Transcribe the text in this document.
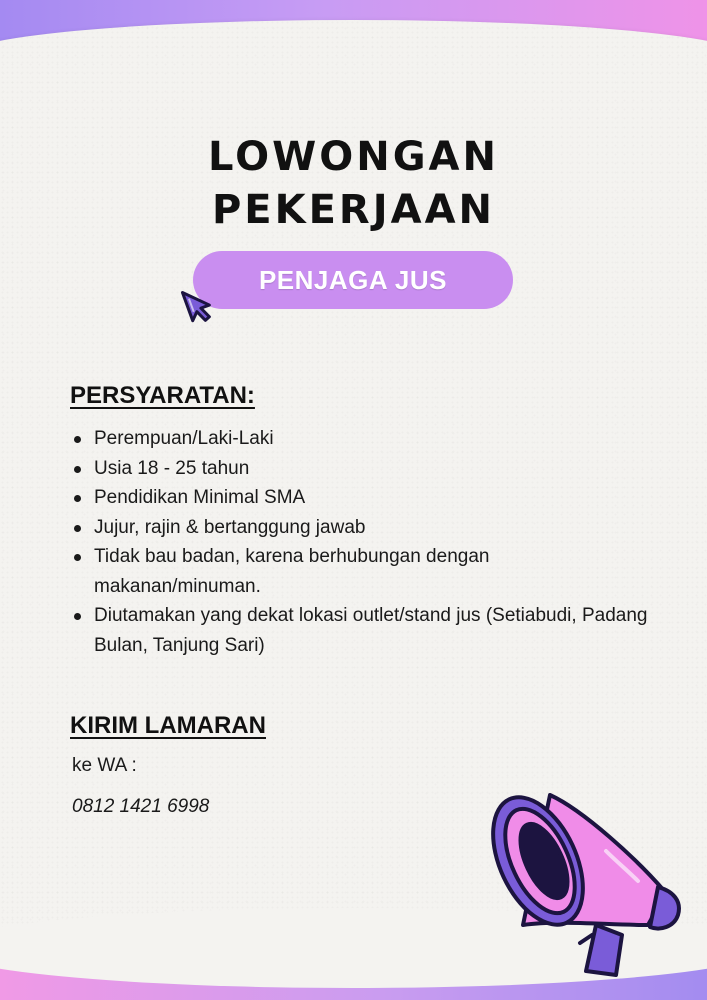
LOWONGAN
PEKERJAAN
PENJAGA JUS
PERSYARATAN:
Perempuan/Laki-Laki
Usia 18 - 25 tahun
Pendidikan Minimal SMA
Jujur, rajin & bertanggung jawab
Tidak bau badan, karena berhubungan dengan makanan/minuman.
Diutamakan yang dekat lokasi outlet/stand jus (Setiabudi, Padang Bulan, Tanjung Sari)
KIRIM LAMARAN
ke WA :
0812 1421 6998
